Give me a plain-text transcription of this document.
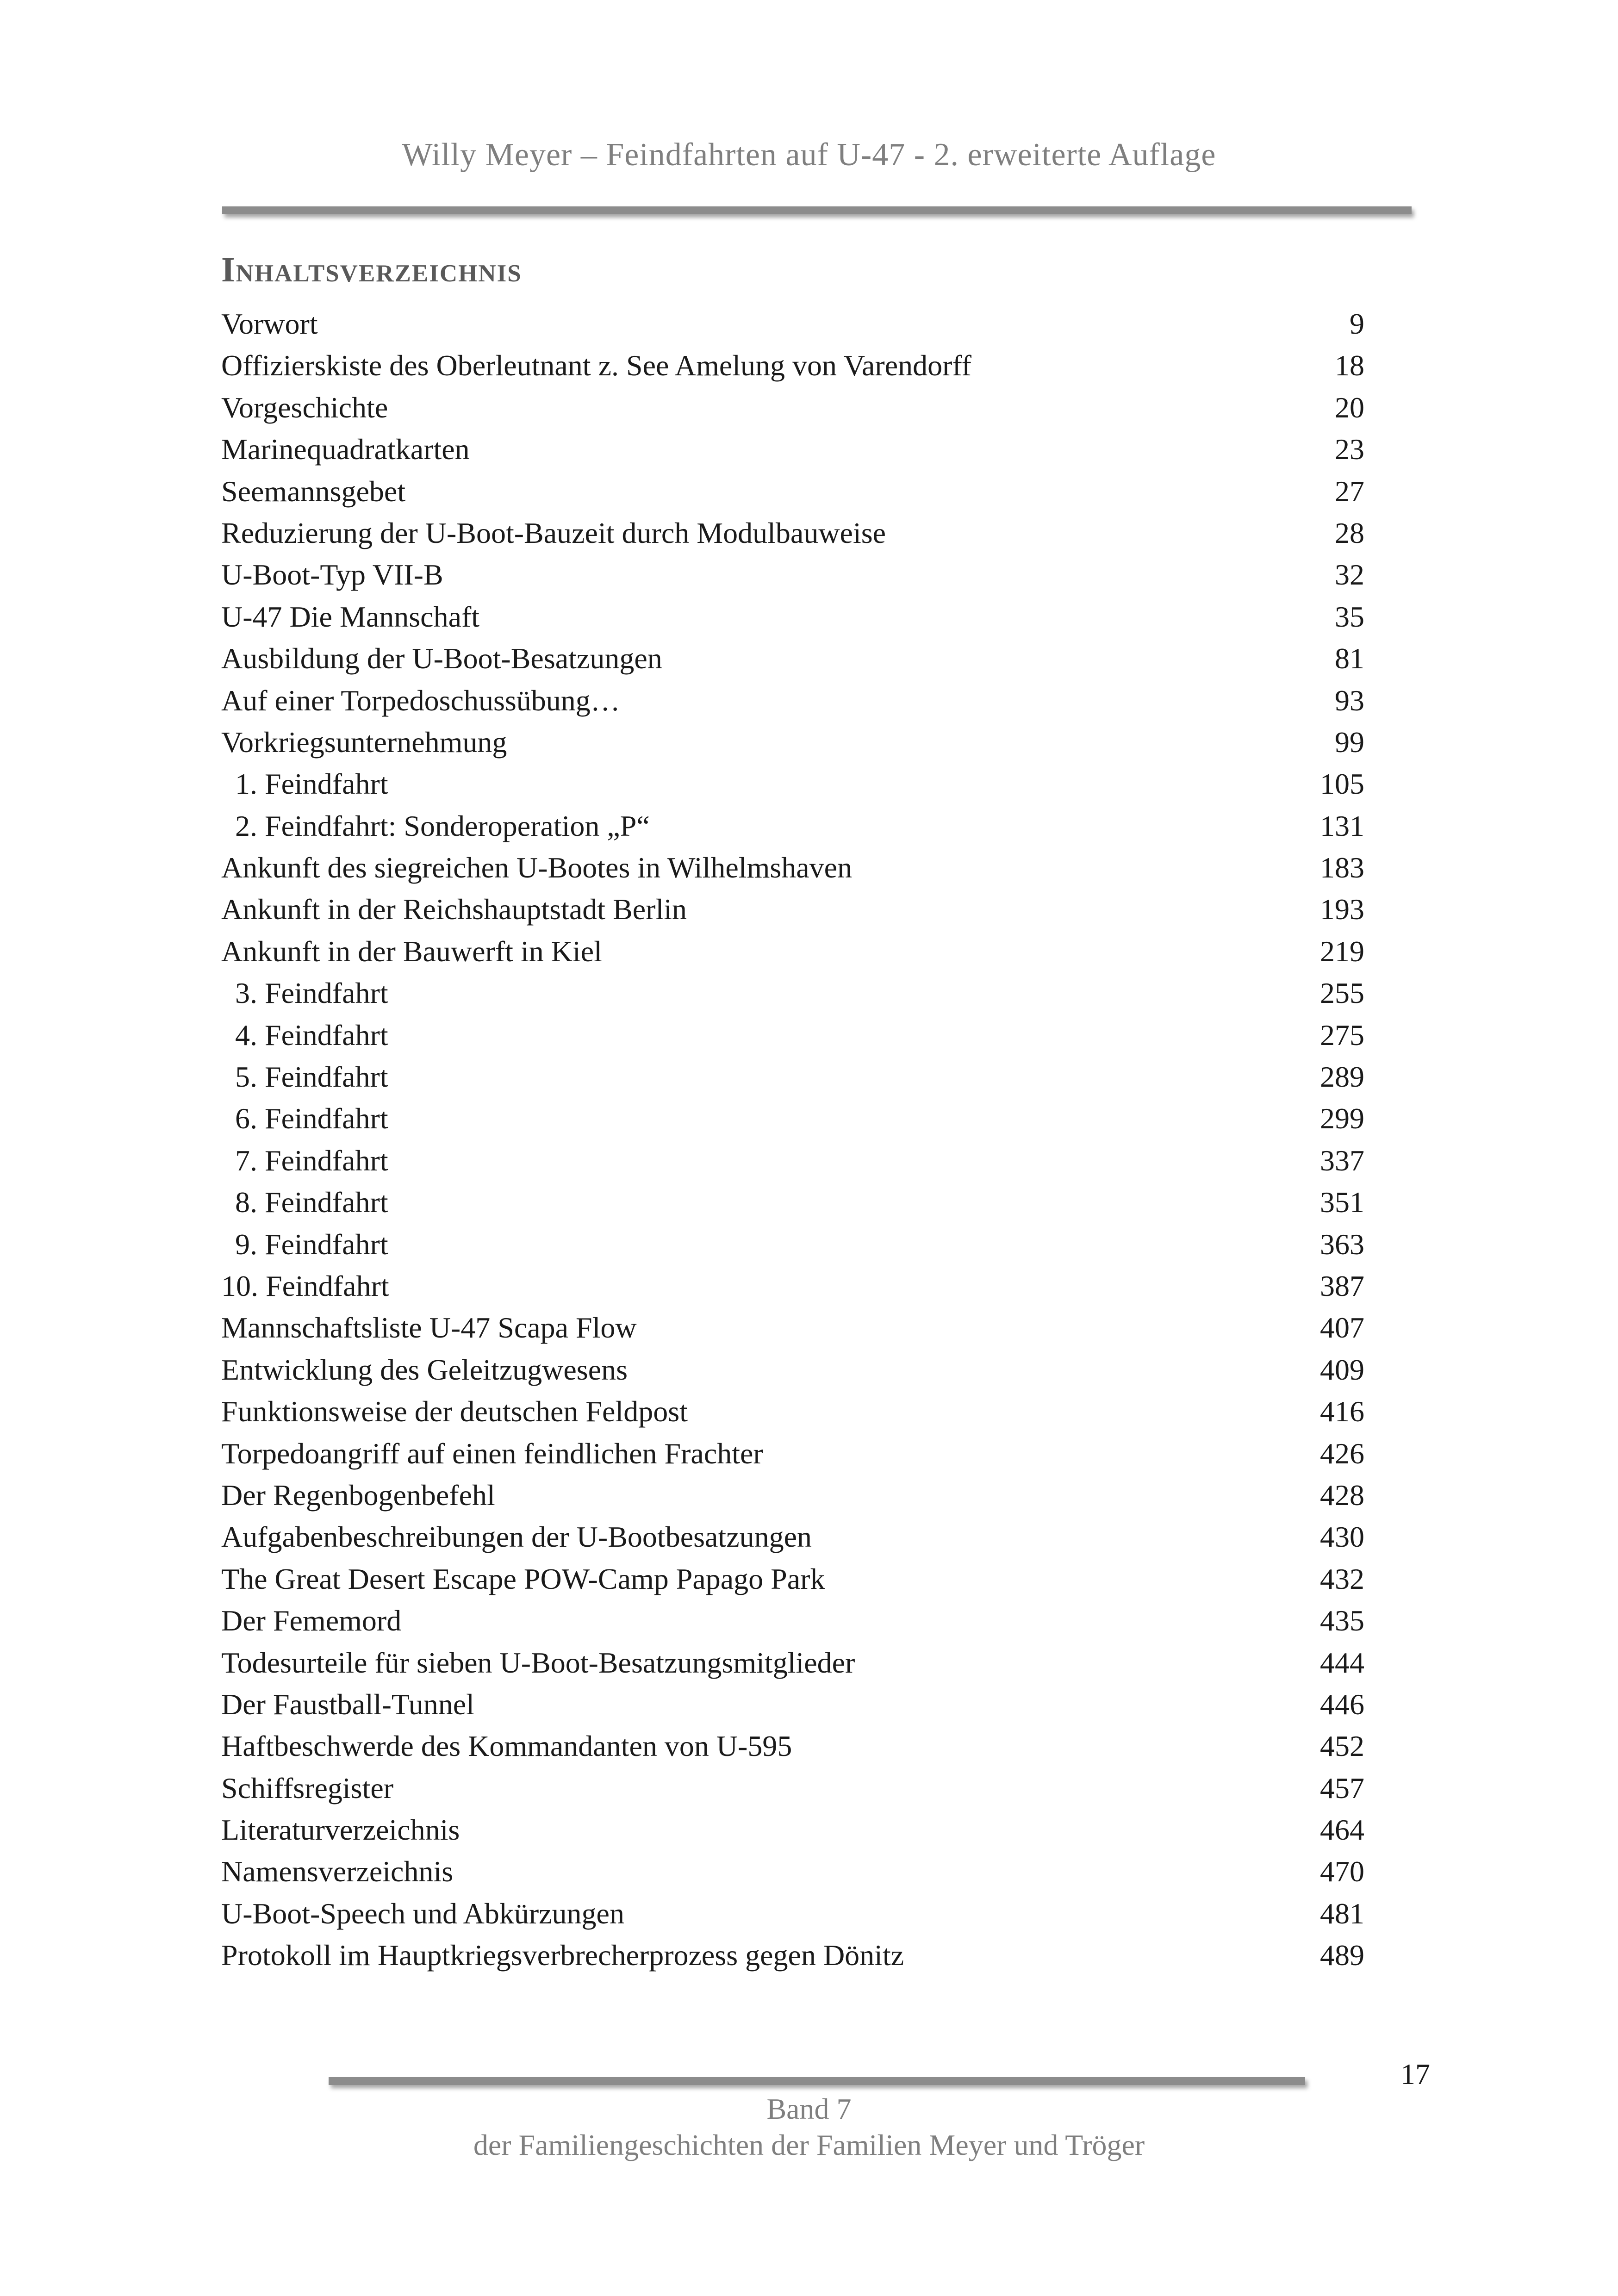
Willy Meyer – Feindfahrten auf U-47 - 2. erweiterte Auflage
Inhaltsverzeichnis
Vorwort	9
Offizierskiste des Oberleutnant z. See Amelung von Varendorff	18
Vorgeschichte	20
Marinequadratkarten	23
Seemannsgebet	27
Reduzierung der U-Boot-Bauzeit durch Modulbauweise	28
U-Boot-Typ VII-B	32
U-47 Die Mannschaft	35
Ausbildung der U-Boot-Besatzungen	81
Auf einer Torpedoschussübung…	93
Vorkriegsunternehmung	99
1. Feindfahrt	105
2. Feindfahrt: Sonderoperation „P“	131
Ankunft des siegreichen U-Bootes in Wilhelmshaven	183
Ankunft in der Reichshauptstadt Berlin	193
Ankunft in der Bauwerft in Kiel	219
3. Feindfahrt	255
4. Feindfahrt	275
5. Feindfahrt	289
6. Feindfahrt	299
7. Feindfahrt	337
8. Feindfahrt	351
9. Feindfahrt	363
10. Feindfahrt	387
Mannschaftsliste U-47 Scapa Flow	407
Entwicklung des Geleitzugwesens	409
Funktionsweise der deutschen Feldpost	416
Torpedoangriff auf einen feindlichen Frachter	426
Der Regenbogenbefehl	428
Aufgabenbeschreibungen der U-Bootbesatzungen	430
The Great Desert Escape POW-Camp Papago Park	432
Der Fememord	435
Todesurteile für sieben U-Boot-Besatzungsmitglieder	444
Der Faustball-Tunnel	446
Haftbeschwerde des Kommandanten von U-595	452
Schiffsregister	457
Literaturverzeichnis	464
Namensverzeichnis	470
U-Boot-Speech und Abkürzungen	481
Protokoll im Hauptkriegsverbrecherprozess gegen Dönitz	489
17
Band 7
der Familiengeschichten der Familien Meyer und Tröger
